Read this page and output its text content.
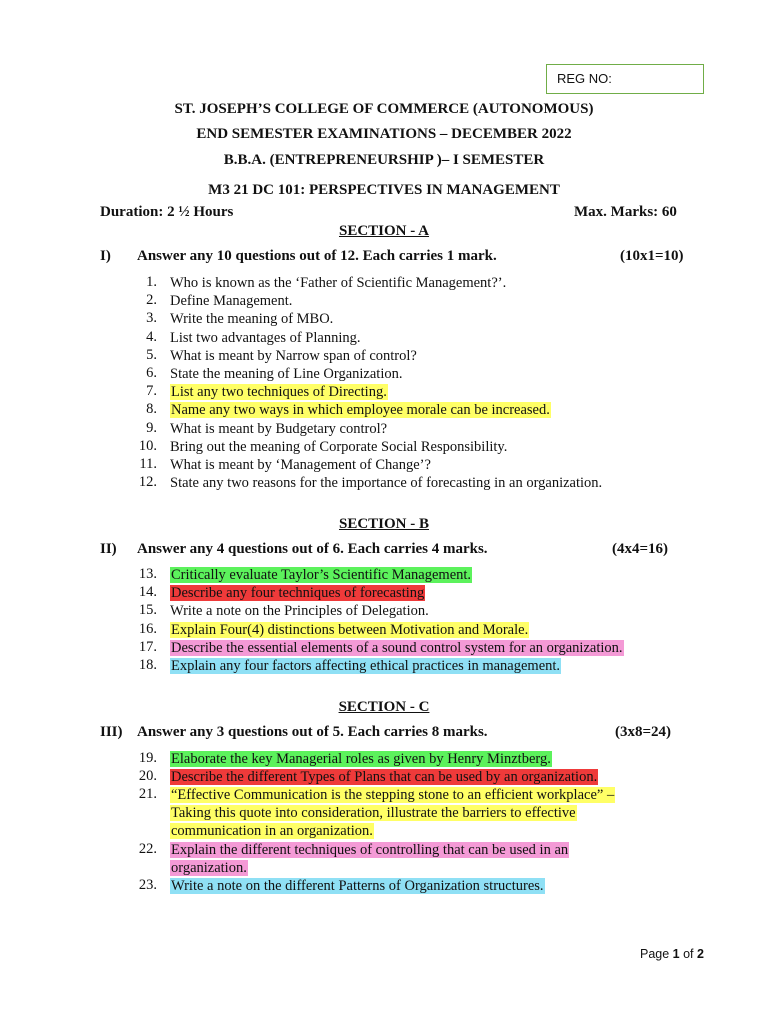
REG NO:
ST. JOSEPH’S COLLEGE OF COMMERCE (AUTONOMOUS)
END SEMESTER EXAMINATIONS – DECEMBER 2022
B.B.A. (ENTREPRENEURSHIP )– I SEMESTER
M3 21 DC 101: PERSPECTIVES IN MANAGEMENT
Duration: 2 ½ Hours	Max. Marks: 60
SECTION - A
I) Answer any 10 questions out of 12. Each carries 1 mark.	(10x1=10)
1. Who is known as the ‘Father of Scientific Management?’.
2. Define Management.
3. Write the meaning of MBO.
4. List two advantages of Planning.
5. What is meant by Narrow span of control?
6. State the meaning of Line Organization.
7. List any two techniques of Directing.
8. Name any two ways in which employee morale can be increased.
9. What is meant by Budgetary control?
10. Bring out the meaning of Corporate Social Responsibility.
11. What is meant by ‘Management of Change’?
12. State any two reasons for the importance of forecasting in an organization.
SECTION - B
II) Answer any 4 questions out of 6. Each carries 4 marks.	(4x4=16)
13. Critically evaluate Taylor’s Scientific Management.
14. Describe any four techniques of forecasting
15. Write a note on the Principles of Delegation.
16. Explain Four(4) distinctions between Motivation and Morale.
17. Describe the essential elements of a sound control system for an organization.
18. Explain any four factors affecting ethical practices in management.
SECTION - C
III) Answer any 3 questions out of 5. Each carries 8 marks.	(3x8=24)
19. Elaborate the key Managerial roles as given by Henry Minztberg.
20. Describe the different Types of Plans that can be used by an organization.
21. “Effective Communication is the stepping stone to an efficient workplace” –
Taking this quote into consideration, illustrate the barriers to effective
communication in an organization.
22. Explain the different techniques of controlling that can be used in an
organization.
23. Write a note on the different Patterns of Organization structures.
Page 1 of 2
